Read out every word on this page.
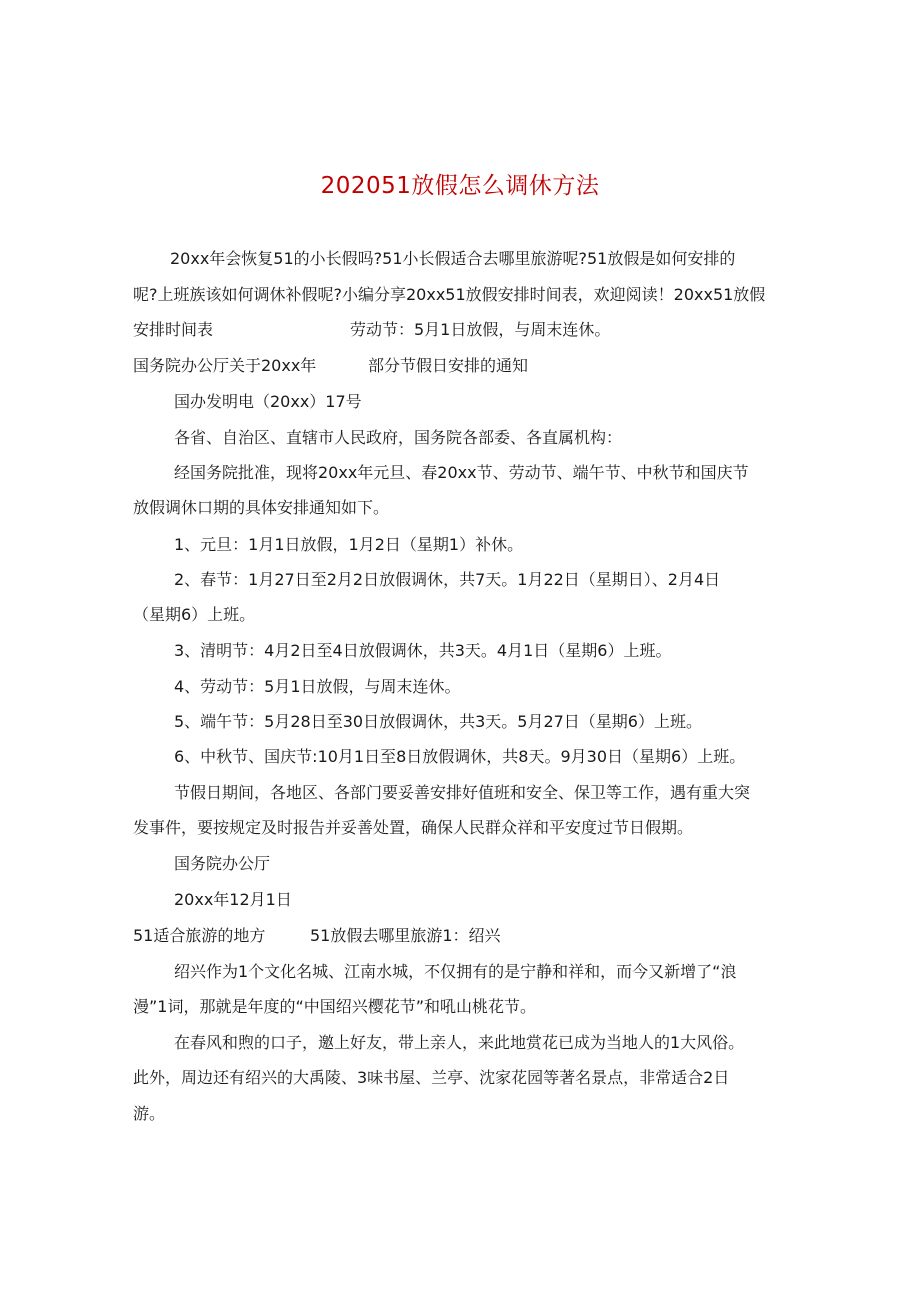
202051放假怎么调休方法
20xx年会恢复51的小长假吗?51小长假适合去哪里旅游呢?51放假是如何安排的
呢?上班族该如何调休补假呢?小编分享20xx51放假安排时间表，欢迎阅读！20xx51放假
安排时间表	劳动节：5月1日放假，与周末连休。
国务院办公厅关于20xx年	部分节假日安排的通知
国办发明电（20xx）17号
各省、自治区、直辖市人民政府，国务院各部委、各直属机构：
经国务院批准，现将20xx年元旦、春20xx节、劳动节、端午节、中秋节和国庆节
放假调休口期的具体安排通知如下。
1、元旦：1月1日放假，1月2日（星期1）补休。
2、春节：1月27日至2月2日放假调休，共7天。1月22日（星期日）、2月4日
（星期6）上班。
3、清明节：4月2日至4日放假调休，共3天。4月1日（星期6）上班。
4、劳动节：5月1日放假，与周末连休。
5、端午节：5月28日至30日放假调休，共3天。5月27日（星期6）上班。
6、中秋节、国庆节:10月1日至8日放假调休，共8天。9月30日（星期6）上班。
节假日期间，各地区、各部门要妥善安排好值班和安全、保卫等工作，遇有重大突
发事件，要按规定及时报告并妥善处置，确保人民群众祥和平安度过节日假期。
国务院办公厅
20xx年12月1日
51适合旅游的地方	51放假去哪里旅游1：绍兴
绍兴作为1个文化名城、江南水城，不仅拥有的是宁静和祥和，而今又新增了“浪
漫”1词，那就是年度的“中国绍兴樱花节”和吼山桃花节。
在春风和煦的口子，邀上好友，带上亲人，来此地赏花已成为当地人的1大风俗。
此外，周边还有绍兴的大禹陵、3味书屋、兰亭、沈家花园等著名景点，非常适合2日
游。
